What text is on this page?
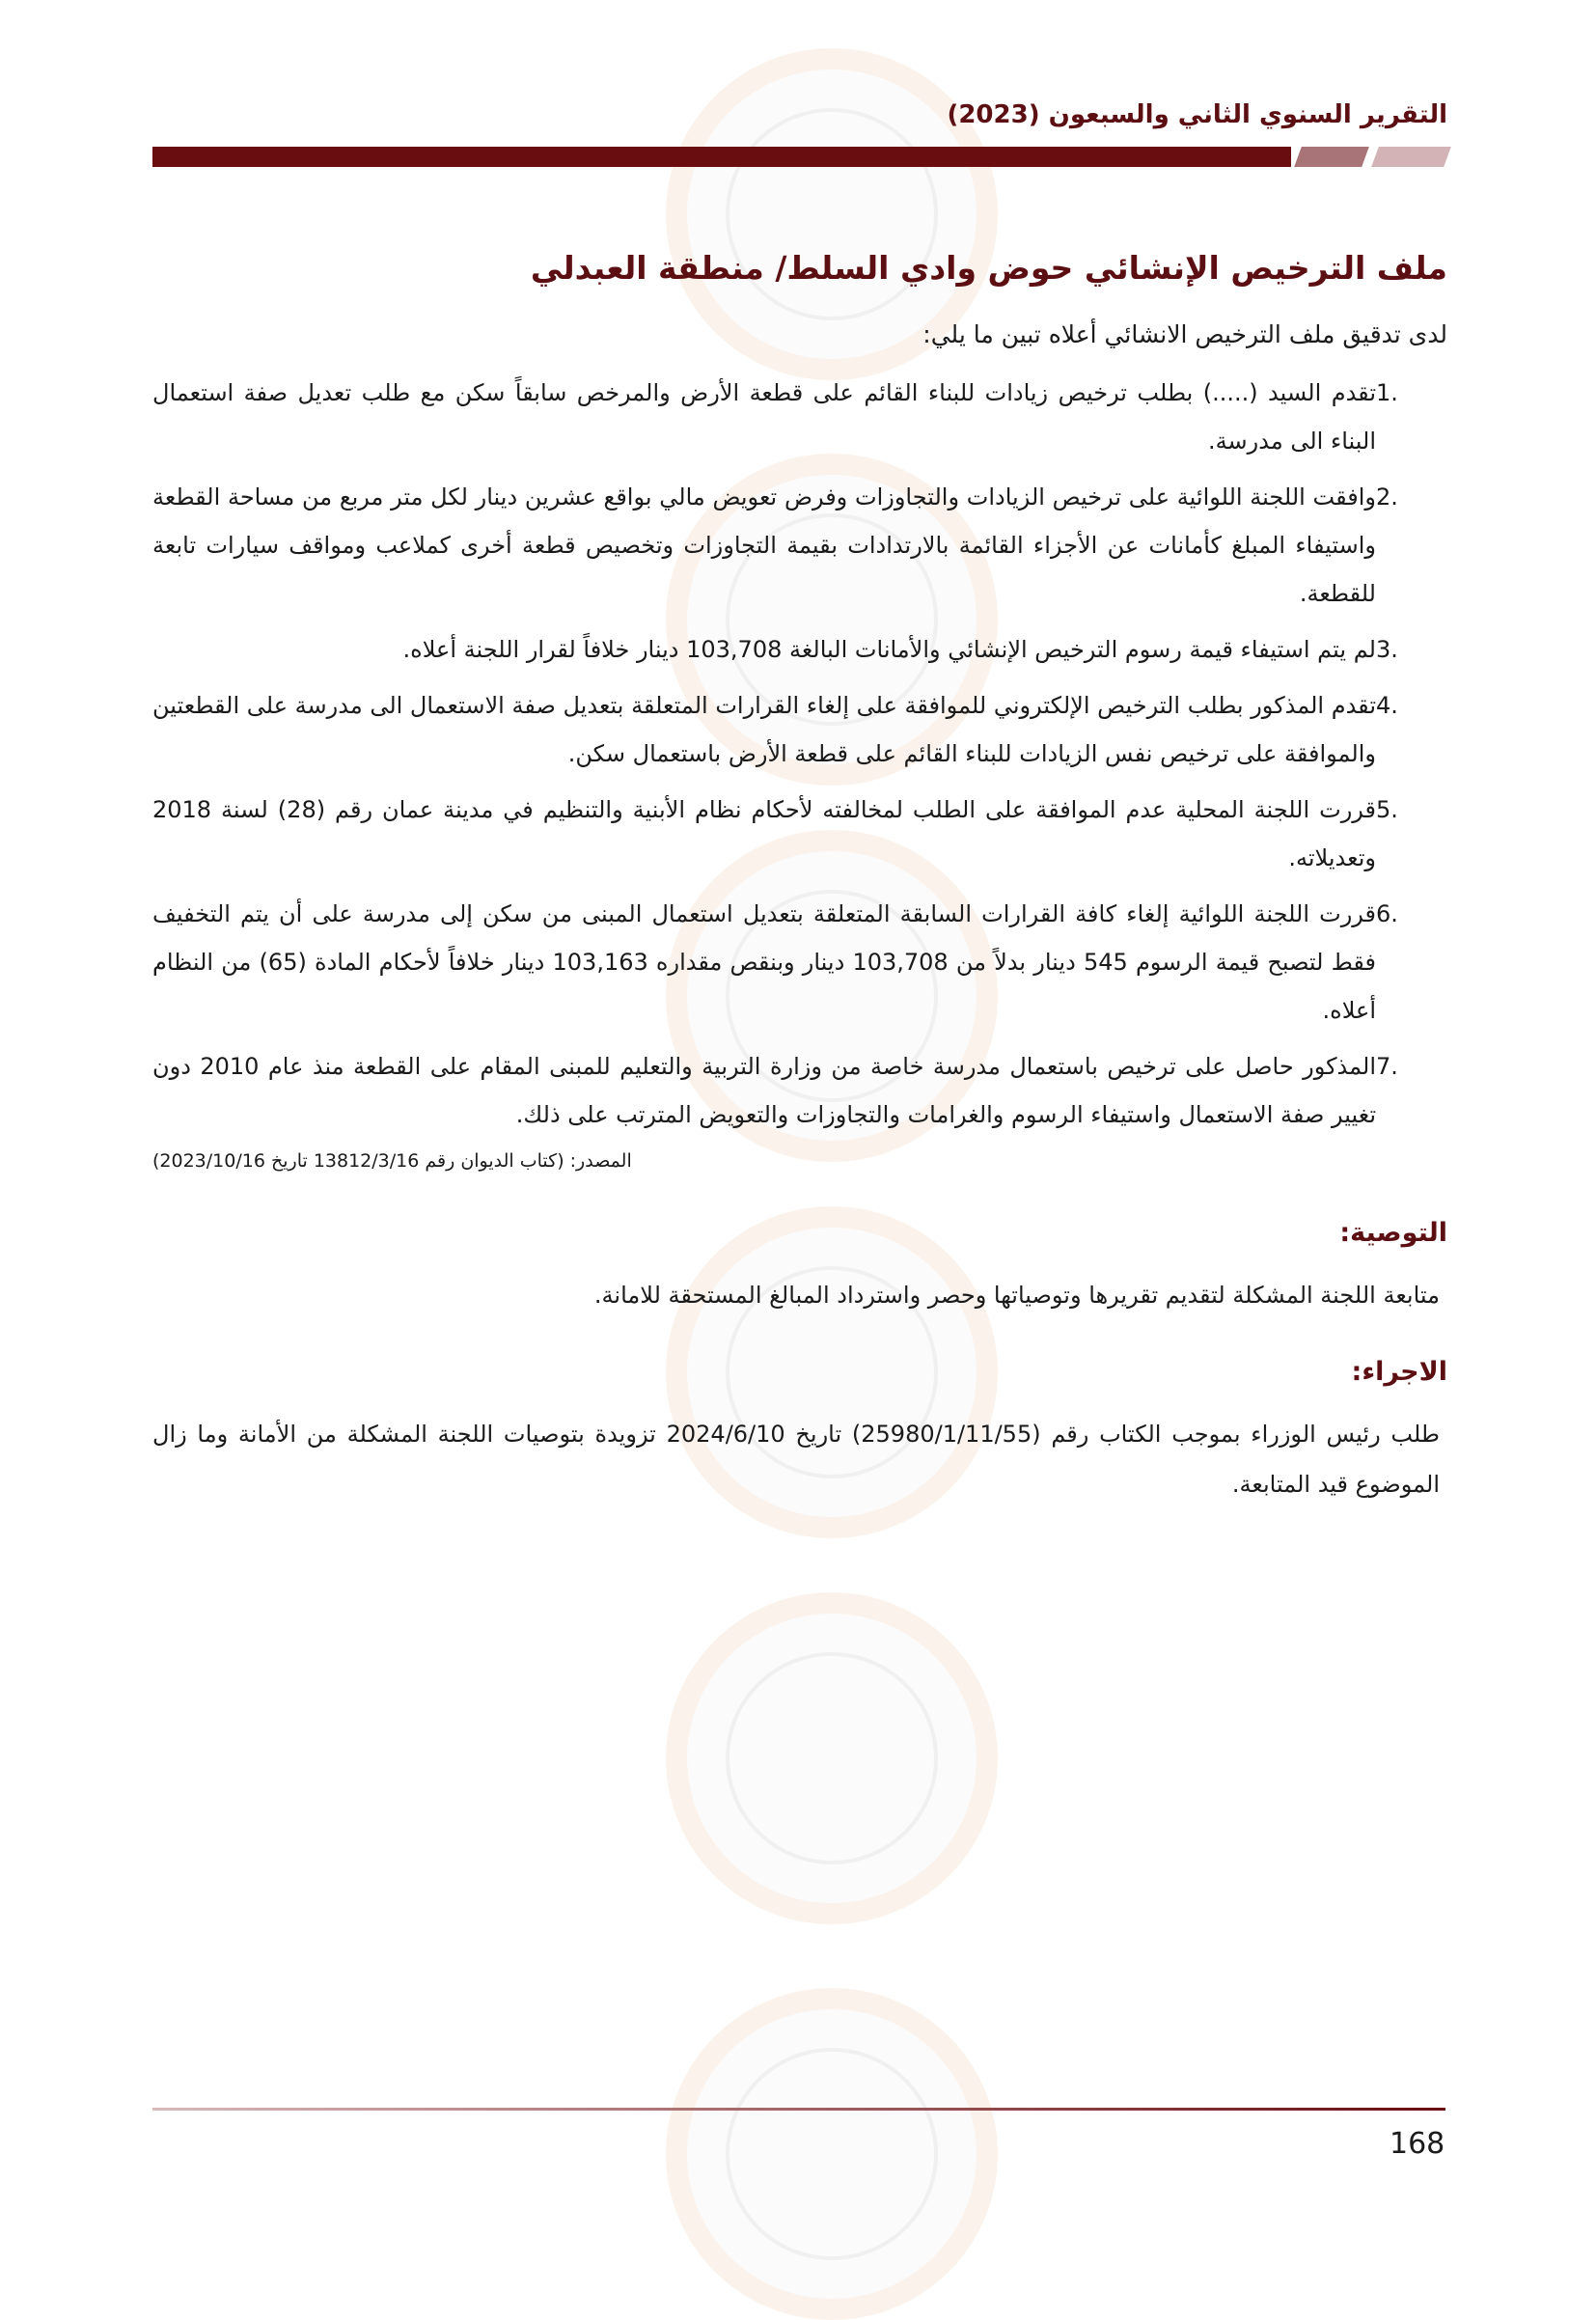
التقرير السنوي الثاني والسبعون (2023)
ملف الترخيص الإنشائي حوض وادي السلط/ منطقة العبدلي
لدى تدقيق ملف الترخيص الانشائي أعلاه تبين ما يلي:
1.
تقدم السيد (.....) بطلب ترخيص زيادات للبناء القائم على قطعة الأرض والمرخص سابقاً سكن مع طلب تعديل صفة استعمال البناء الى مدرسة.
2.
وافقت اللجنة اللوائية على ترخيص الزيادات والتجاوزات وفرض تعويض مالي بواقع عشرين دينار لكل متر مربع من مساحة القطعة واستيفاء المبلغ كأمانات عن الأجزاء القائمة بالارتدادات بقيمة التجاوزات وتخصيص قطعة أخرى كملاعب ومواقف سيارات تابعة للقطعة.
3.
لم يتم استيفاء قيمة رسوم الترخيص الإنشائي والأمانات البالغة 103,708 دينار خلافاً لقرار اللجنة أعلاه.
4.
تقدم المذكور بطلب الترخيص الإلكتروني للموافقة على إلغاء القرارات المتعلقة بتعديل صفة الاستعمال الى مدرسة على القطعتين والموافقة على ترخيص نفس الزيادات للبناء القائم على قطعة الأرض باستعمال سكن.
5.
قررت اللجنة المحلية عدم الموافقة على الطلب لمخالفته لأحكام نظام الأبنية والتنظيم في مدينة عمان رقم (28) لسنة 2018 وتعديلاته.
6.
قررت اللجنة اللوائية إلغاء كافة القرارات السابقة المتعلقة بتعديل استعمال المبنى من سكن إلى مدرسة على أن يتم التخفيف فقط لتصبح قيمة الرسوم 545 دينار بدلاً من 103,708 دينار وبنقص مقداره 103,163 دينار خلافاً لأحكام المادة (65) من النظام أعلاه.
7.
المذكور حاصل على ترخيص باستعمال مدرسة خاصة من وزارة التربية والتعليم للمبنى المقام على القطعة منذ عام 2010 دون تغيير صفة الاستعمال واستيفاء الرسوم والغرامات والتجاوزات والتعويض المترتب على ذلك.
المصدر: (كتاب الديوان رقم 13812/3/16 تاريخ 2023/10/16)
التوصية:
متابعة اللجنة المشكلة لتقديم تقريرها وتوصياتها وحصر واسترداد المبالغ المستحقة للامانة.
الاجراء:
طلب رئيس الوزراء بموجب الكتاب رقم (25980/1/11/55) تاريخ 2024/6/10 تزويدة بتوصيات اللجنة المشكلة من الأمانة وما زال الموضوع قيد المتابعة.
168
